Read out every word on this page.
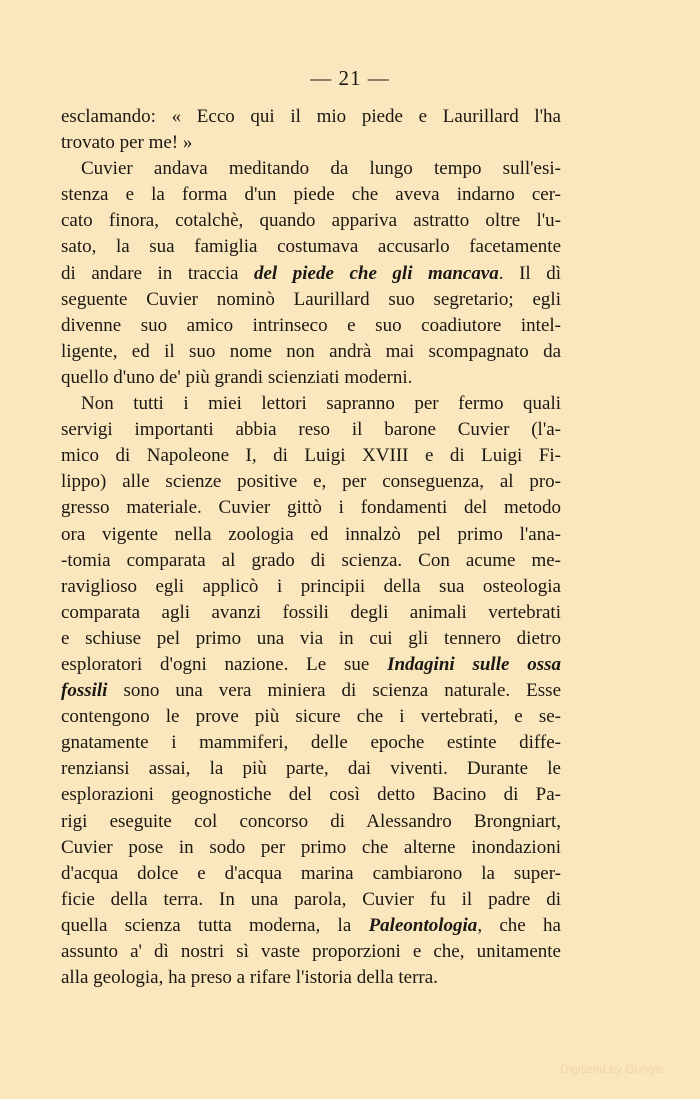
— 21 —
esclamando: « Ecco qui il mio piede e Laurillard l'ha
trovato per me! »
Cuvier andava meditando da lungo tempo sull'esi-
stenza e la forma d'un piede che aveva indarno cer-
cato finora, cotalchè, quando appariva astratto oltre l'u-
sato, la sua famiglia costumava accusarlo facetamente
di andare in traccia del piede che gli mancava. Il dì
seguente Cuvier nominò Laurillard suo segretario; egli
divenne suo amico intrinseco e suo coadiutore intel-
ligente, ed il suo nome non andrà mai scompagnato da
quello d'uno de' più grandi scienziati moderni.
Non tutti i miei lettori sapranno per fermo quali
servigi importanti abbia reso il barone Cuvier (l'a-
mico di Napoleone I, di Luigi XVIII e di Luigi Fi-
lippo) alle scienze positive e, per conseguenza, al pro-
gresso materiale. Cuvier gittò i fondamenti del metodo
ora vigente nella zoologia ed innalzò pel primo l'ana-
-tomia comparata al grado di scienza. Con acume me-
raviglioso egli applicò i principii della sua osteologia
comparata agli avanzi fossili degli animali vertebrati
e schiuse pel primo una via in cui gli tennero dietro
esploratori d'ogni nazione. Le sue Indagini sulle ossa
fossili sono una vera miniera di scienza naturale. Esse
contengono le prove più sicure che i vertebrati, e se-
gnatamente i mammiferi, delle epoche estinte diffe-
renziansi assai, la più parte, dai viventi. Durante le
esplorazioni geognostiche del così detto Bacino di Pa-
rigi eseguite col concorso di Alessandro Brongniart,
Cuvier pose in sodo per primo che alterne inondazioni
d'acqua dolce e d'acqua marina cambiarono la super-
ficie della terra. In una parola, Cuvier fu il padre di
quella scienza tutta moderna, la Paleontologia, che ha
assunto a' dì nostri sì vaste proporzioni e che, unitamente
alla geologia, ha preso a rifare l'istoria della terra.
Digitized by Google
